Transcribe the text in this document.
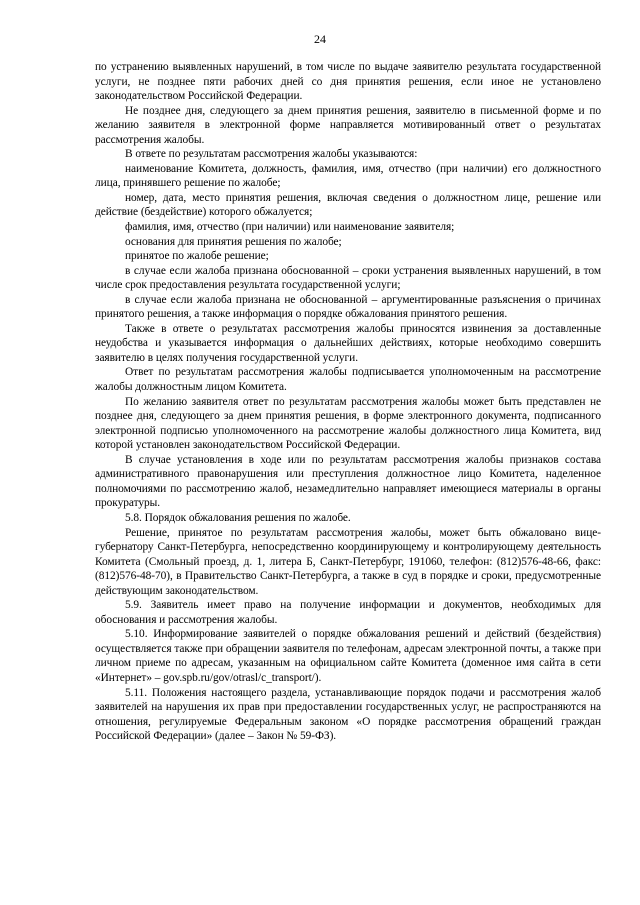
24

по устранению выявленных нарушений, в том числе по выдаче заявителю результата государственной услуги, не позднее пяти рабочих дней со дня принятия решения, если иное не установлено законодательством Российской Федерации.

Не позднее дня, следующего за днем принятия решения, заявителю в письменной форме и по желанию заявителя в электронной форме направляется мотивированный ответ о результатах рассмотрения жалобы.

В ответе по результатам рассмотрения жалобы указываются:

наименование Комитета, должность, фамилия, имя, отчество (при наличии) его должностного лица, принявшего решение по жалобе;

номер, дата, место принятия решения, включая сведения о должностном лице, решение или действие (бездействие) которого обжалуется;

фамилия, имя, отчество (при наличии) или наименование заявителя;

основания для принятия решения по жалобе;

принятое по жалобе решение;

в случае если жалоба признана обоснованной – сроки устранения выявленных нарушений, в том числе срок предоставления результата государственной услуги;

в случае если жалоба признана не обоснованной – аргументированные разъяснения о причинах принятого решения, а также информация о порядке обжалования принятого решения.

Также в ответе о результатах рассмотрения жалобы приносятся извинения за доставленные неудобства и указывается информация о дальнейших действиях, которые необходимо совершить заявителю в целях получения государственной услуги.

Ответ по результатам рассмотрения жалобы подписывается уполномоченным на рассмотрение жалобы должностным лицом Комитета.

По желанию заявителя ответ по результатам рассмотрения жалобы может быть представлен не позднее дня, следующего за днем принятия решения, в форме электронного документа, подписанного электронной подписью уполномоченного на рассмотрение жалобы должностного лица Комитета, вид которой установлен законодательством Российской Федерации.

В случае установления в ходе или по результатам рассмотрения жалобы признаков состава административного правонарушения или преступления должностное лицо Комитета, наделенное полномочиями по рассмотрению жалоб, незамедлительно направляет имеющиеся материалы в органы прокуратуры.

5.8. Порядок обжалования решения по жалобе.

Решение, принятое по результатам рассмотрения жалобы, может быть обжаловано вице-губернатору Санкт-Петербурга, непосредственно координирующему и контролирующему деятельность Комитета (Смольный проезд, д. 1, литера Б, Санкт-Петербург, 191060, телефон: (812)576-48-66, факс: (812)576-48-70), в Правительство Санкт-Петербурга, а также в суд в порядке и сроки, предусмотренные действующим законодательством.

5.9. Заявитель имеет право на получение информации и документов, необходимых для обоснования и рассмотрения жалобы.

5.10. Информирование заявителей о порядке обжалования решений и действий (бездействия) осуществляется также при обращении заявителя по телефонам, адресам электронной почты, а также при личном приеме по адресам, указанным на официальном сайте Комитета (доменное имя сайта в сети «Интернет» – gov.spb.ru/gov/otrasl/c_transport/).

5.11. Положения настоящего раздела, устанавливающие порядок подачи и рассмотрения жалоб заявителей на нарушения их прав при предоставлении государственных услуг, не распространяются на отношения, регулируемые Федеральным законом «О порядке рассмотрения обращений граждан Российской Федерации» (далее – Закон № 59-ФЗ).
